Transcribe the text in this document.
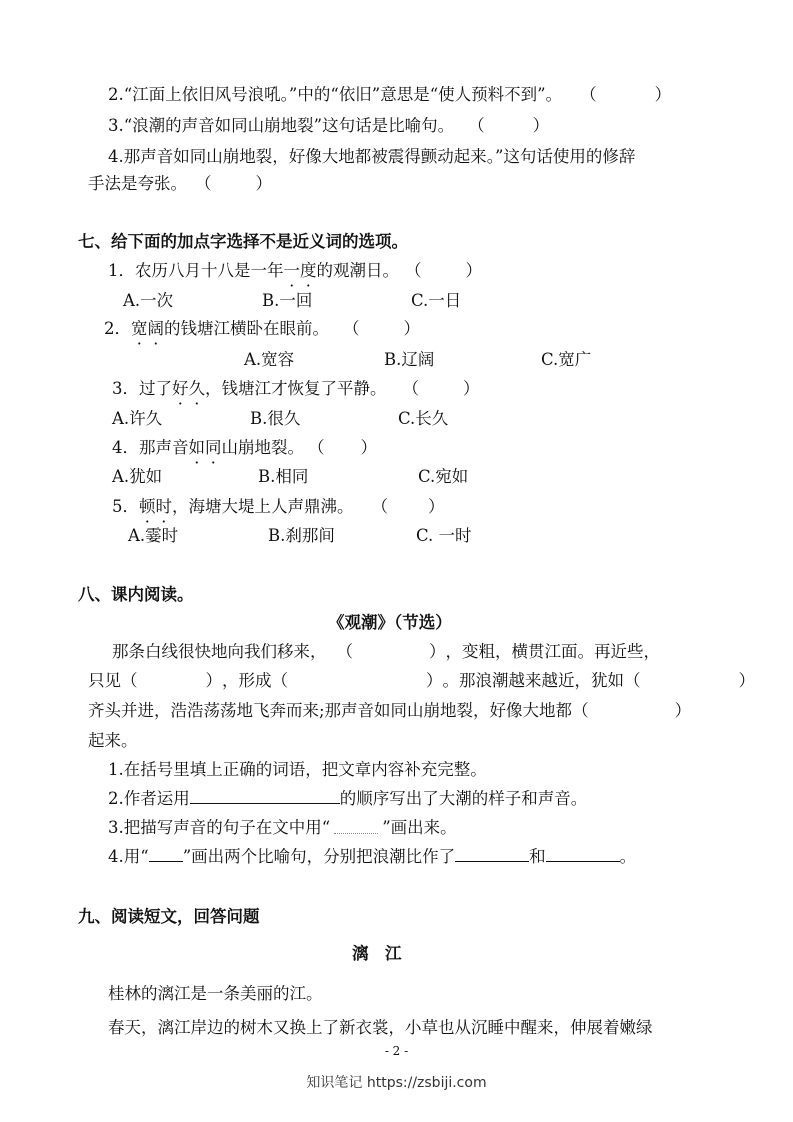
2.“江面上依旧风号浪吼。”中的“依旧”意思是“使人预料不到”。 （	）
3.“浪潮的声音如同山崩地裂”这句话是比喻句。 （	）
4.那声音如同山崩地裂，好像大地都被震得颤动起来。”这句话使用的修辞
手法是夸张。 （	）
七、给下面的加点字选择不是近义词的选项。
1．农历八月十八是一年一度的观潮日。 （	）
A.一次	B.一回	C.一日
2．宽阔的钱塘江横卧在眼前。 （	）
A.宽容	B.辽阔	C.宽广
3．过了好久，钱塘江才恢复了平静。 （	）
A.许久	B.很久	C.长久
4．那声音如同山崩地裂。 （ ）
A.犹如	B.相同	C.宛如
5．顿时，海塘大堤上人声鼎沸。 （ ）
A.霎时	B.刹那间	C. 一时
八、课内阅读。
《观潮》（节选）
那条白线很快地向我们移来， （	），变粗，横贯江面。再近些，
只见（	），形成（	）。那浪潮越来越近，犹如（	）
齐头并进，浩浩荡荡地飞奔而来;那声音如同山崩地裂，好像大地都（	）
起来。
1.在括号里填上正确的词语，把文章内容补充完整。
2.作者运用	的顺序写出了大潮的样子和声音。
3.把描写声音的句子在文中用“	”画出来。
4.用“ ”画出两个比喻句，分别把浪潮比作了	和	。
九、阅读短文，回答问题
漓　江
桂林的漓江是一条美丽的江。
春天，漓江岸边的树木又换上了新衣裳，小草也从沉睡中醒来，伸展着嫩绿
- 2 -
知识笔记 https://zsbiji.com
